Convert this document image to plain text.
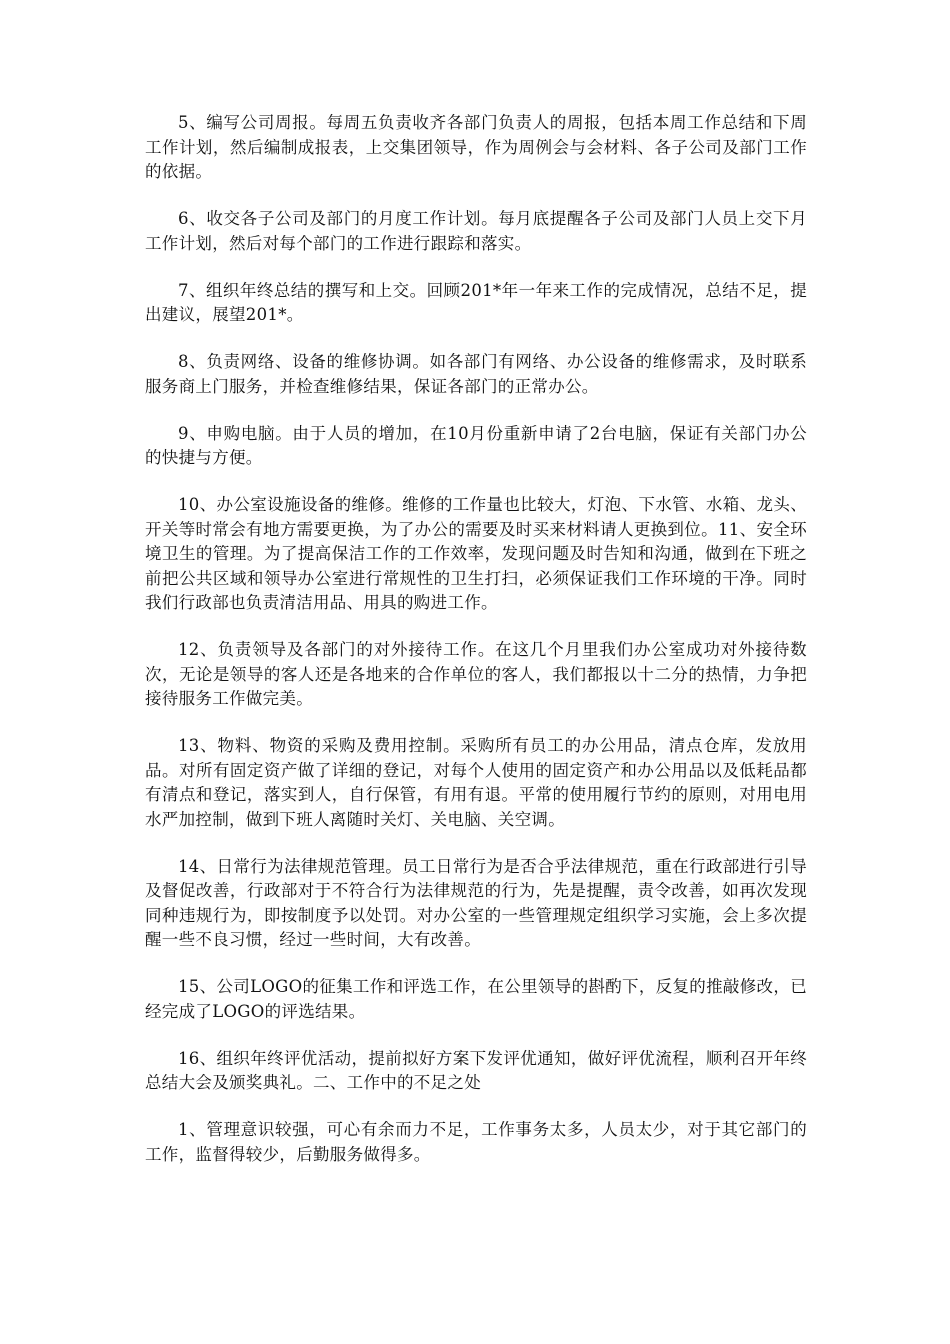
5、编写公司周报。每周五负责收齐各部门负责人的周报，包括本周工作总结和下周工作计划，然后编制成报表，上交集团领导，作为周例会与会材料、各子公司及部门工作的依据。

6、收交各子公司及部门的月度工作计划。每月底提醒各子公司及部门人员上交下月工作计划，然后对每个部门的工作进行跟踪和落实。

7、组织年终总结的撰写和上交。回顾201*年一年来工作的完成情况，总结不足，提出建议，展望201*。

8、负责网络、设备的维修协调。如各部门有网络、办公设备的维修需求，及时联系服务商上门服务，并检查维修结果，保证各部门的正常办公。

9、申购电脑。由于人员的增加，在10月份重新申请了2台电脑，保证有关部门办公的快捷与方便。

10、办公室设施设备的维修。维修的工作量也比较大，灯泡、下水管、水箱、龙头、开关等时常会有地方需要更换，为了办公的需要及时买来材料请人更换到位。11、安全环境卫生的管理。为了提高保洁工作的工作效率，发现问题及时告知和沟通，做到在下班之前把公共区域和领导办公室进行常规性的卫生打扫，必须保证我们工作环境的干净。同时我们行政部也负责清洁用品、用具的购进工作。

12、负责领导及各部门的对外接待工作。在这几个月里我们办公室成功对外接待数次，无论是领导的客人还是各地来的合作单位的客人，我们都报以十二分的热情，力争把接待服务工作做完美。

13、物料、物资的采购及费用控制。采购所有员工的办公用品，清点仓库，发放用品。对所有固定资产做了详细的登记，对每个人使用的固定资产和办公用品以及低耗品都有清点和登记，落实到人，自行保管，有用有退。平常的使用履行节约的原则，对用电用水严加控制，做到下班人离随时关灯、关电脑、关空调。

14、日常行为法律规范管理。员工日常行为是否合乎法律规范，重在行政部进行引导及督促改善，行政部对于不符合行为法律规范的行为，先是提醒，责令改善，如再次发现同种违规行为，即按制度予以处罚。对办公室的一些管理规定组织学习实施，会上多次提醒一些不良习惯，经过一些时间，大有改善。

15、公司LOGO的征集工作和评选工作，在公里领导的斟酌下，反复的推敲修改，已经完成了LOGO的评选结果。

16、组织年终评优活动，提前拟好方案下发评优通知，做好评优流程，顺利召开年终总结大会及颁奖典礼。二、工作中的不足之处

1、管理意识较强，可心有余而力不足，工作事务太多，人员太少，对于其它部门的工作，监督得较少，后勤服务做得多。
